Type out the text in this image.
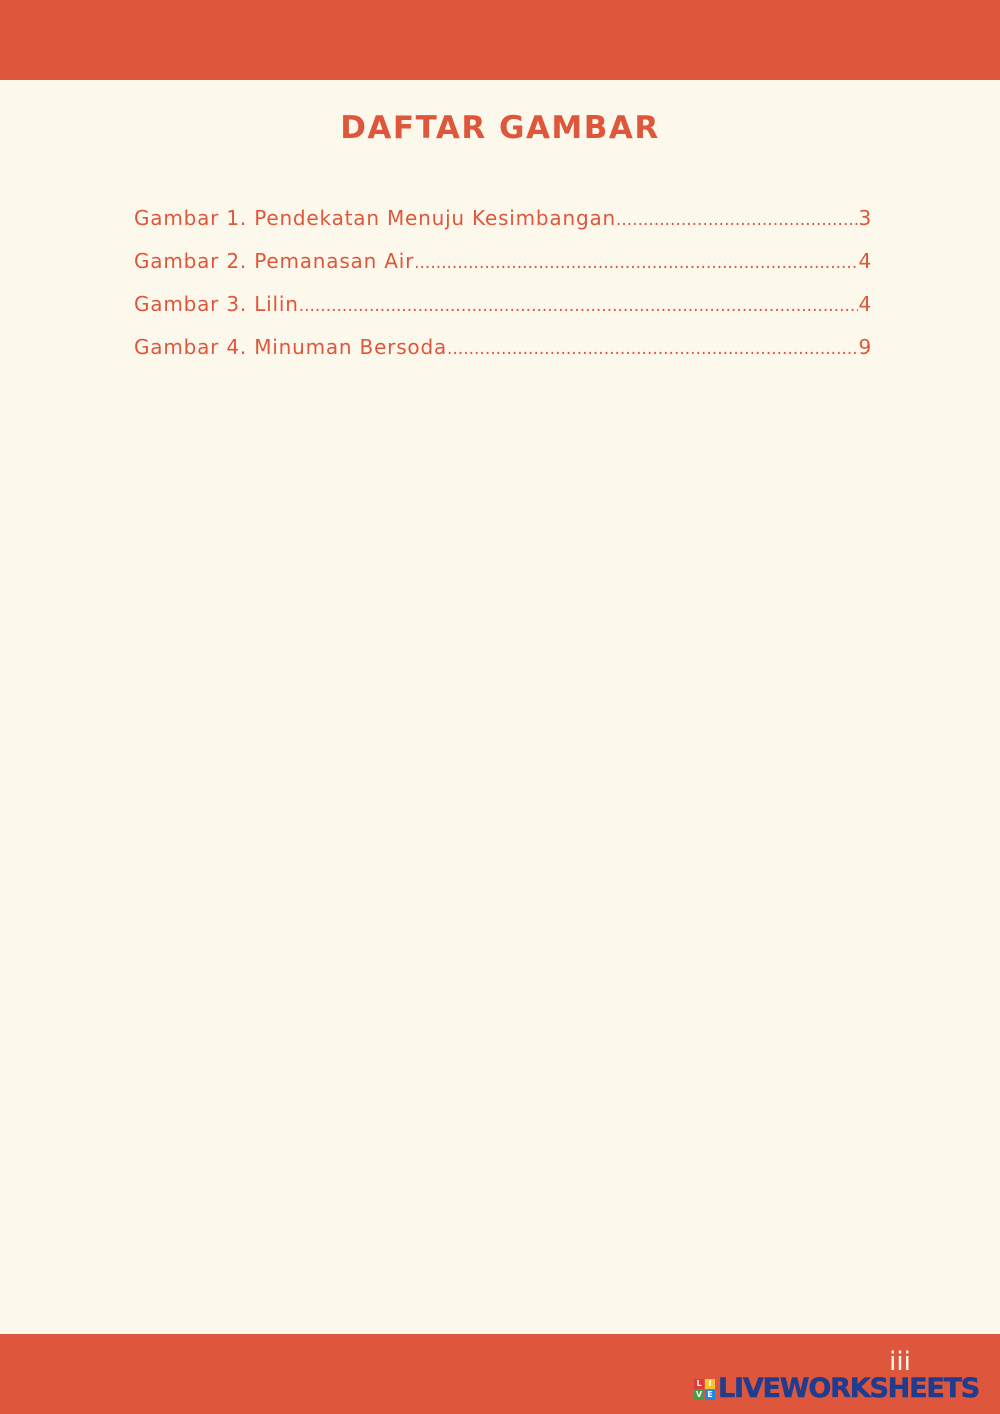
DAFTAR GAMBAR
Gambar 1. Pendekatan Menuju Kesimbangan .....	3
Gambar 2. Pemanasan Air .....	4
Gambar 3. Lilin .....	4
Gambar 4. Minuman Bersoda .....	9
iii
L I
V E LIVEWORKSHEETS
